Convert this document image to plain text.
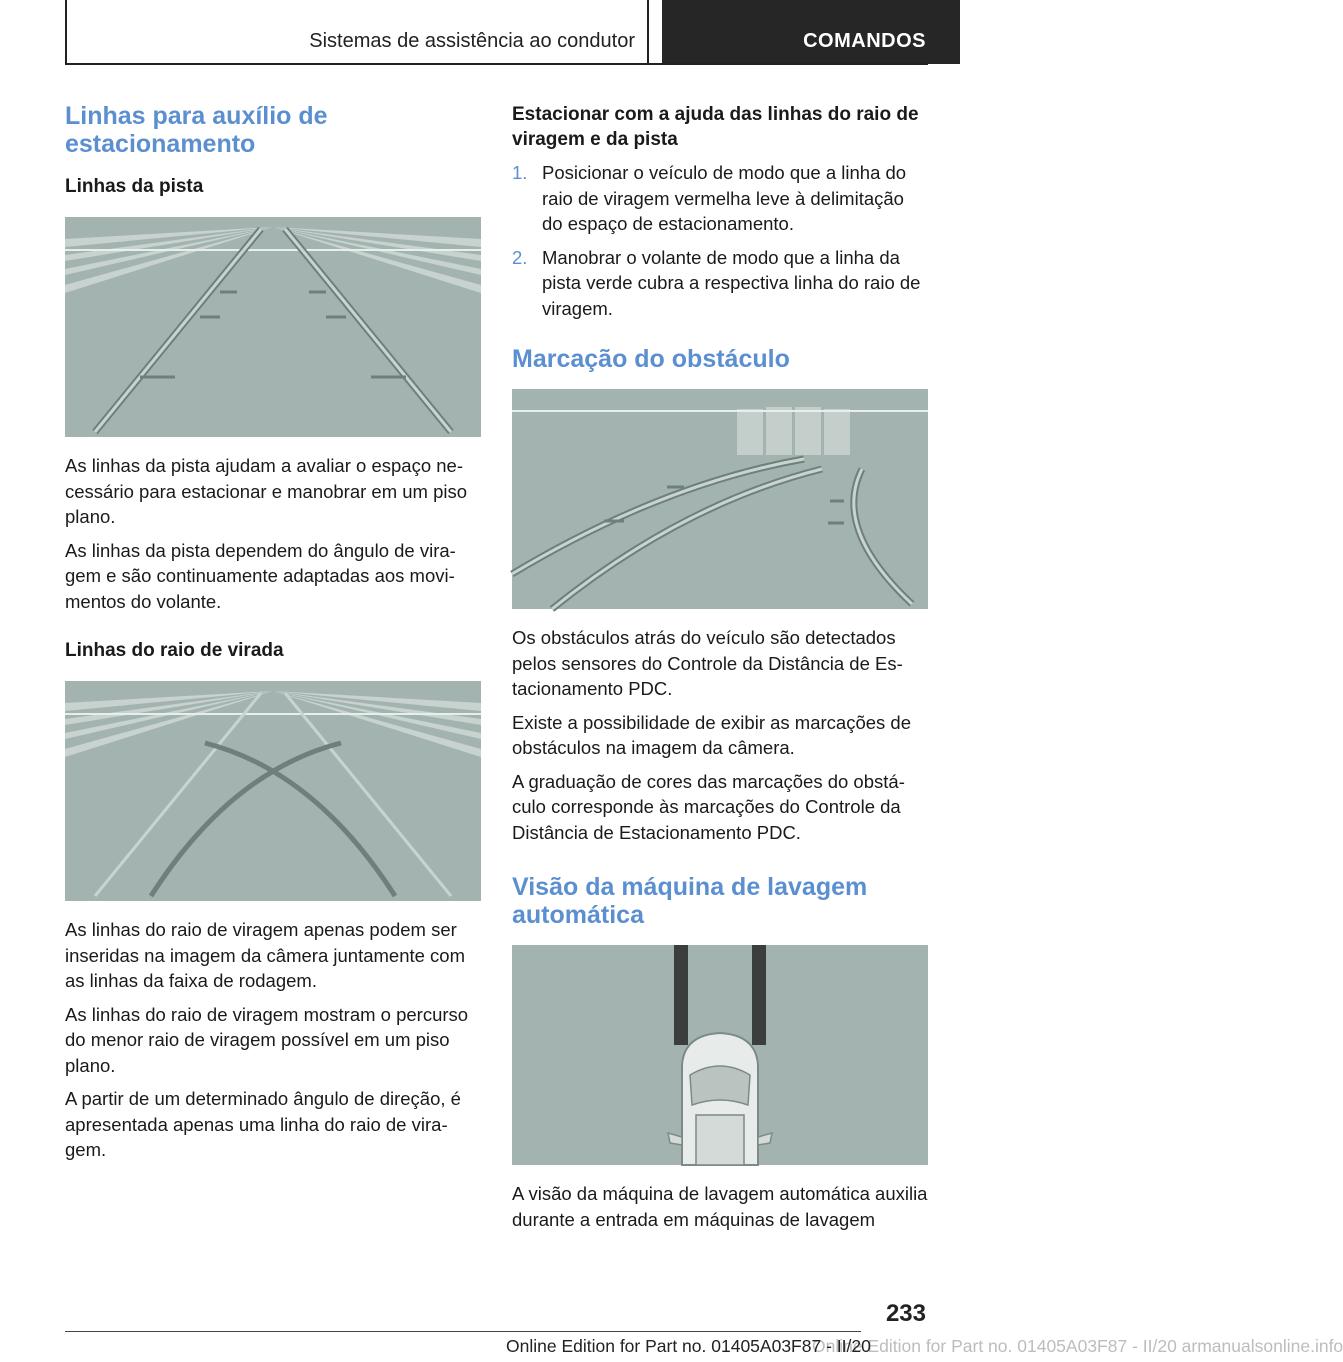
Sistemas de assistência ao condutor	COMANDOS
Linhas para auxílio de estacionamento
Linhas da pista

As linhas da pista ajudam a avaliar o espaço necessário para estacionar e manobrar em um piso plano.

As linhas da pista dependem do ângulo de viragem e são continuamente adaptadas aos movimentos do volante.

Linhas do raio de virada

As linhas do raio de viragem apenas podem ser inseridas na imagem da câmera juntamente com as linhas da faixa de rodagem.

As linhas do raio de viragem mostram o percurso do menor raio de viragem possível em um piso plano.

A partir de um determinado ângulo de direção, é apresentada apenas uma linha do raio de viragem.

Estacionar com a ajuda das linhas do raio de viragem e da pista
1. Posicionar o veículo de modo que a linha do raio de viragem vermelha leve à delimitação do espaço de estacionamento.
2. Manobrar o volante de modo que a linha da pista verde cubra a respectiva linha do raio de viragem.
Marcação do obstáculo

Os obstáculos atrás do veículo são detectados pelos sensores do Controle da Distância de Estacionamento PDC.

Existe a possibilidade de exibir as marcações de obstáculos na imagem da câmera.

A graduação de cores das marcações do obstáculo corresponde às marcações do Controle da Distância de Estacionamento PDC.

Visão da máquina de lavagem automática

A visão da máquina de lavagem automática auxilia durante a entrada em máquinas de lavagem

233
Online Edition for Part no. 01405A03F87 - II/20 armanualsonline.info
Online Edition for Part no. 01405A03F87 - II/20
